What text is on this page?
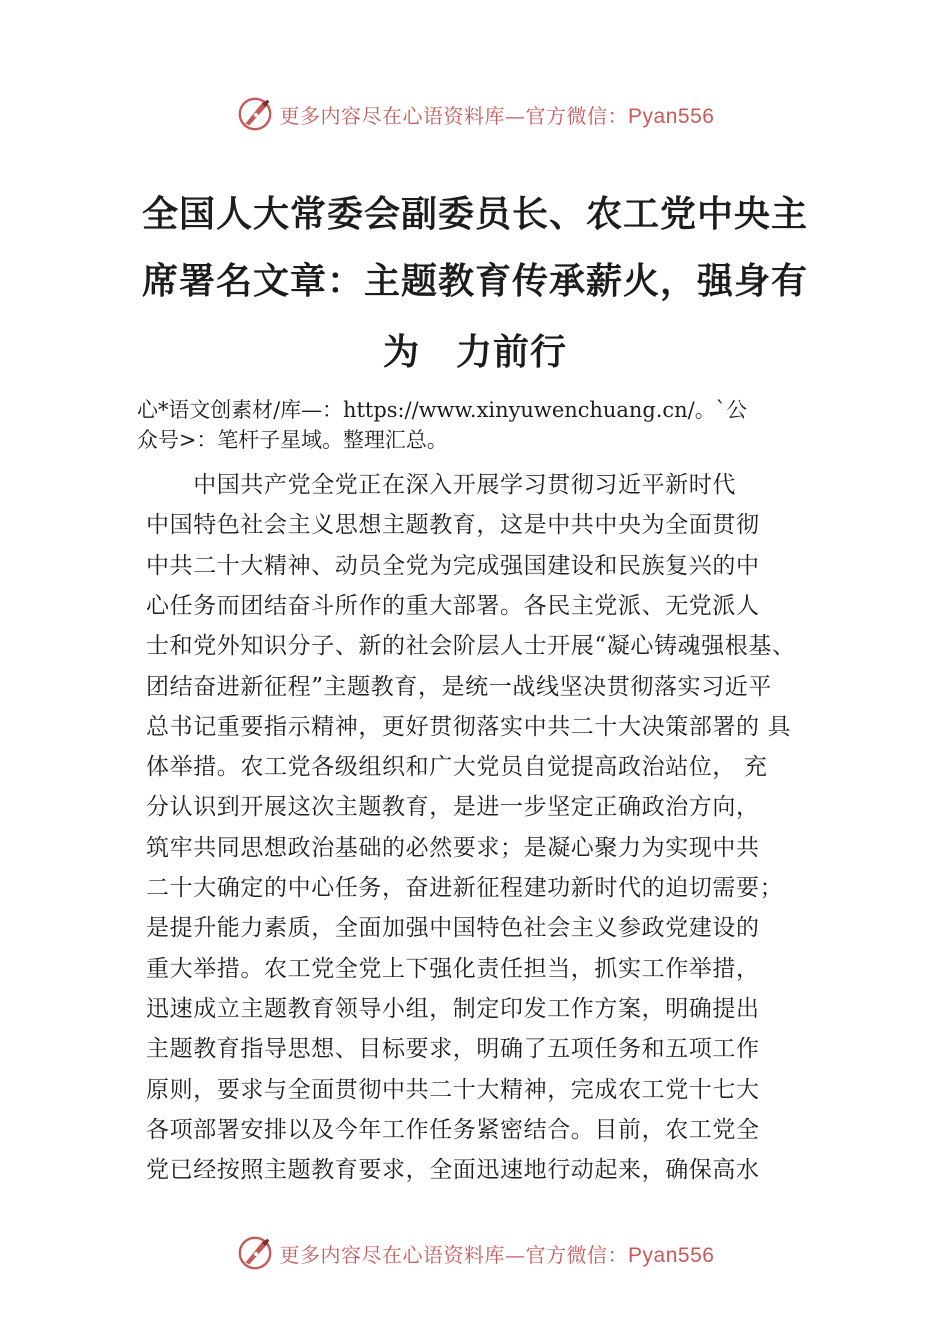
更多内容尽在心语资料库—官方微信：Pyan556
全国人大常委会副委员长、农工党中央主
席署名文章：主题教育传承薪火，强身有
为 力前行
心*语文创素材/库—：https://www.xinyuwenchuang.cn/。`公
众号>：笔杆子星域。整理汇总。
　　中国共产党全党正在深入开展学习贯彻习近平新时代
中国特色社会主义思想主题教育，这是中共中央为全面贯彻
中共二十大精神、动员全党为完成强国建设和民族复兴的中
心任务而团结奋斗所作的重大部署。各民主党派、无党派人
士和党外知识分子、新的社会阶层人士开展“凝心铸魂强根基、
团结奋进新征程”主题教育，是统一战线坚决贯彻落实习近平
总书记重要指示精神，更好贯彻落实中共二十大决策部署的 具
体举措。农工党各级组织和广大党员自觉提高政治站位， 充
分认识到开展这次主题教育，是进一步坚定正确政治方向，
筑牢共同思想政治基础的必然要求；是凝心聚力为实现中共
二十大确定的中心任务，奋进新征程建功新时代的迫切需要；
是提升能力素质，全面加强中国特色社会主义参政党建设的
重大举措。农工党全党上下强化责任担当，抓实工作举措，
迅速成立主题教育领导小组，制定印发工作方案，明确提出
主题教育指导思想、目标要求，明确了五项任务和五项工作
原则，要求与全面贯彻中共二十大精神，完成农工党十七大
各项部署安排以及今年工作任务紧密结合。目前，农工党全
党已经按照主题教育要求，全面迅速地行动起来，确保高水
更多内容尽在心语资料库—官方微信：Pyan556
